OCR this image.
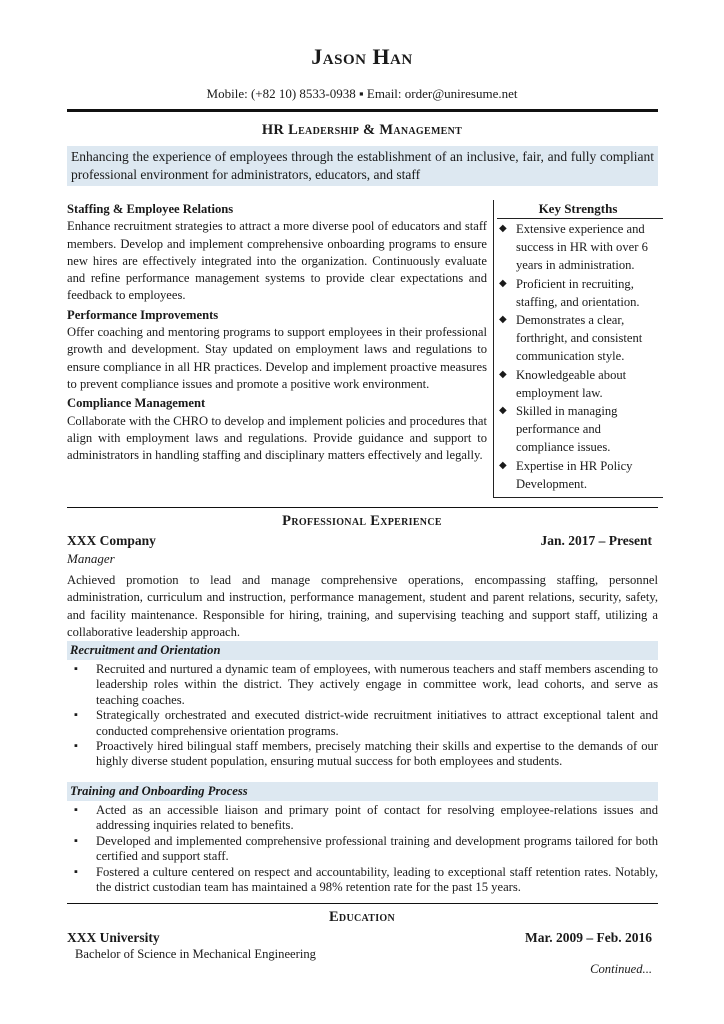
Jason Han
Mobile: (+82 10) 8533-0938 ▪ Email: order@uniresume.net
HR Leadership & Management
Enhancing the experience of employees through the establishment of an inclusive, fair, and fully compliant professional environment for administrators, educators, and staff
Staffing & Employee Relations

Enhance recruitment strategies to attract a more diverse pool of educators and staff members. Develop and implement comprehensive onboarding programs to ensure new hires are effectively integrated into the organization. Continuously evaluate and refine performance management systems to provide clear expectations and feedback to employees.

Performance Improvements

Offer coaching and mentoring programs to support employees in their professional growth and development. Stay updated on employment laws and regulations to ensure compliance in all HR practices. Develop and implement proactive measures to prevent compliance issues and promote a positive work environment.

Compliance Management

Collaborate with the CHRO to develop and implement policies and procedures that align with employment laws and regulations. Provide guidance and support to administrators in handling staffing and disciplinary matters effectively and legally.

Key Strengths
◆ Extensive experience and success in HR with over 6 years in administration.
◆ Proficient in recruiting, staffing, and orientation.
◆ Demonstrates a clear, forthright, and consistent communication style.
◆ Knowledgeable about employment law.
◆ Skilled in managing performance and compliance issues.
◆ Expertise in HR Policy Development.
Professional Experience
XXX Company	Jan. 2017 – Present
Manager

Achieved promotion to lead and manage comprehensive operations, encompassing staffing, personnel administration, curriculum and instruction, performance management, student and parent relations, security, safety, and facility maintenance. Responsible for hiring, training, and supervising teaching and support staff, utilizing a collaborative leadership approach.

Recruitment and Orientation
▪ Recruited and nurtured a dynamic team of employees, with numerous teachers and staff members ascending to leadership roles within the district. They actively engage in committee work, lead cohorts, and serve as teaching coaches.
▪ Strategically orchestrated and executed district-wide recruitment initiatives to attract exceptional talent and conducted comprehensive orientation programs.
▪ Proactively hired bilingual staff members, precisely matching their skills and expertise to the demands of our highly diverse student population, ensuring mutual success for both employees and students.
Training and Onboarding Process
▪ Acted as an accessible liaison and primary point of contact for resolving employee-relations issues and addressing inquiries related to benefits.
▪ Developed and implemented comprehensive professional training and development programs tailored for both certified and support staff.
▪ Fostered a culture centered on respect and accountability, leading to exceptional staff retention rates. Notably, the district custodian team has maintained a 98% retention rate for the past 15 years.
Education
XXX University	Mar. 2009 – Feb. 2016
Bachelor of Science in Mechanical Engineering
Continued...
